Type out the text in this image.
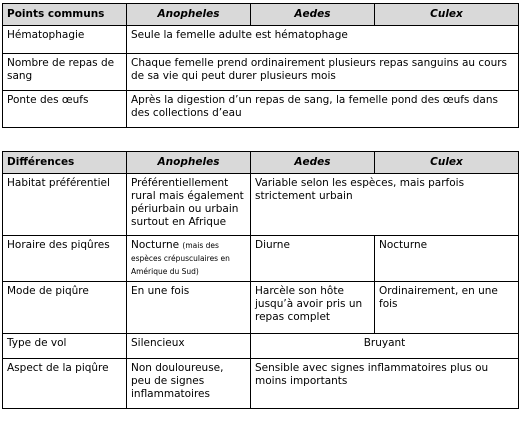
Points communs	Anopheles	Aedes	Culex
Hématophagie	Seule la femelle adulte est hématophage		
Nombre de repas de sang	Chaque femelle prend ordinairement plusieurs repas sanguins au cours de sa vie qui peut durer plusieurs mois		
Ponte des œufs	Après la digestion d’un repas de sang, la femelle pond des œufs dans des collections d’eau		
Différences	Anopheles	Aedes	Culex
Habitat préférentiel	Préférentiellement rural mais également périurbain ou urbain surtout en Afrique	Variable selon les espèces, mais parfois strictement urbain	
Horaire des piqûres	Nocturne (mais des espèces crépusculaires en Amérique du Sud)	Diurne	Nocturne
Mode de piqûre	En une fois	Harcèle son hôte jusqu’à avoir pris un repas complet	Ordinairement, en une fois
Type de vol	Silencieux	Bruyant	
Aspect de la piqûre	Non douloureuse, peu de signes inflammatoires	Sensible avec signes inflammatoires plus ou moins importants	
